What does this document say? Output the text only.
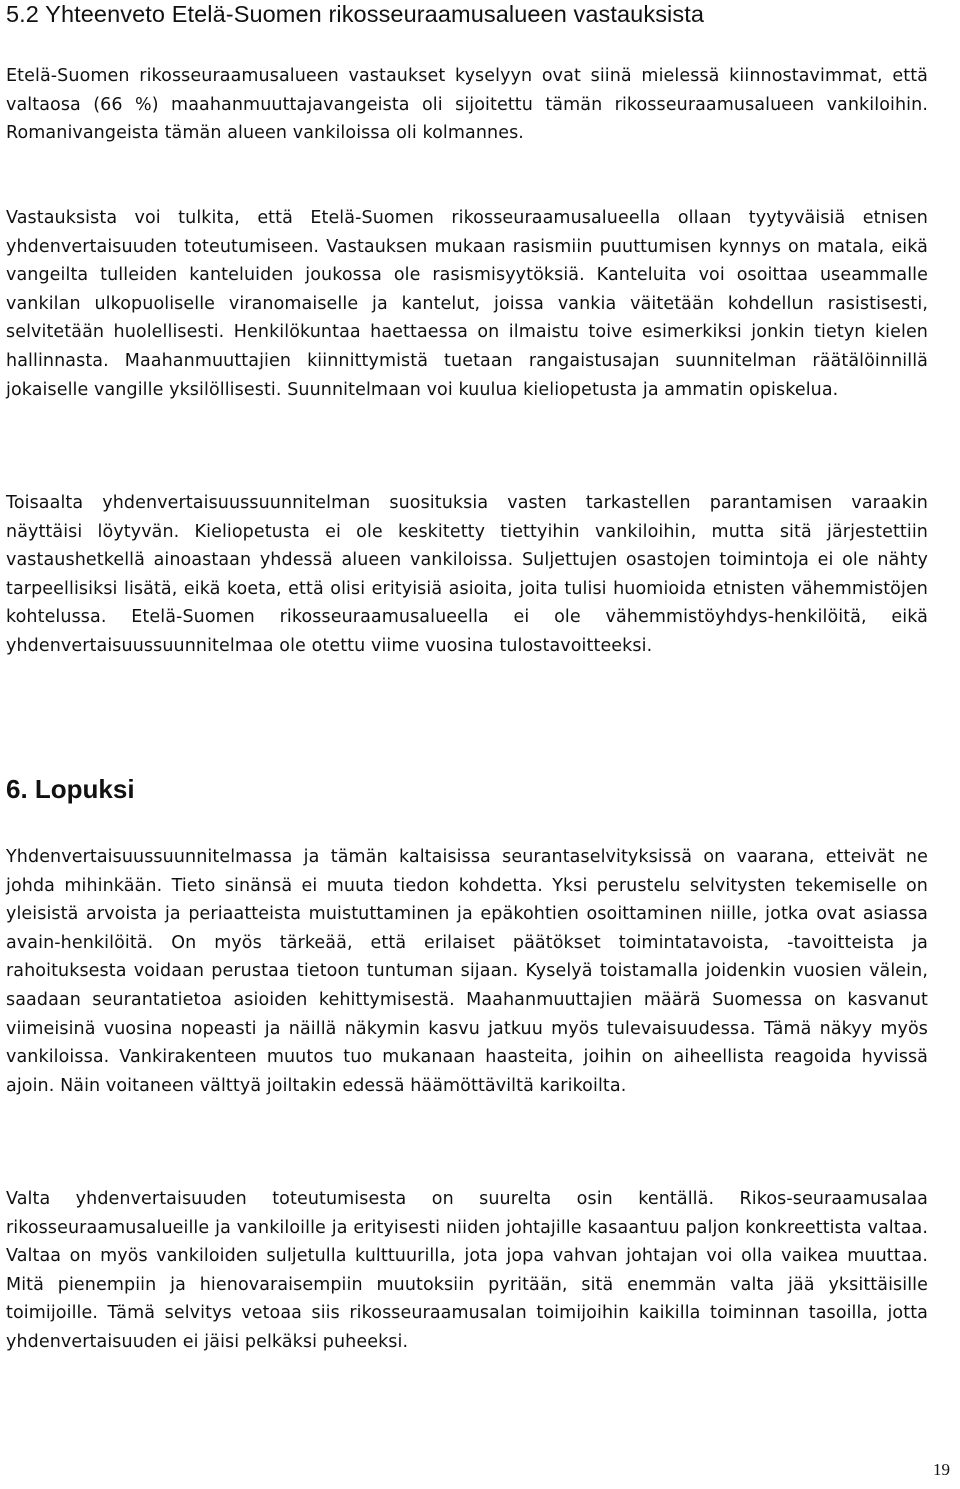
5.2 Yhteenveto Etelä-Suomen rikosseuraamusalueen vastauksista

Etelä-Suomen rikosseuraamusalueen vastaukset kyselyyn ovat siinä mielessä kiinnostavimmat, että valtaosa (66 %) maahanmuuttajavangeista oli sijoitettu tämän rikosseuraamusalueen vankiloihin. Romanivangeista tämän alueen vankiloissa oli kolmannes.

Vastauksista voi tulkita, että Etelä-Suomen rikosseuraamusalueella ollaan tyytyväisiä etnisen yhdenvertaisuuden toteutumiseen. Vastauksen mukaan rasismiin puuttumisen kynnys on matala, eikä vangeilta tulleiden kanteluiden joukossa ole rasismisyytöksiä. Kanteluita voi osoittaa useammalle vankilan ulkopuoliselle viranomaiselle ja kantelut, joissa vankia väitetään kohdellun rasistisesti, selvitetään huolellisesti. Henkilökuntaa haettaessa on ilmaistu toive esimerkiksi jonkin tietyn kielen hallinnasta. Maahanmuuttajien kiinnittymistä tuetaan rangaistusajan suunnitelman räätälöinnillä jokaiselle vangille yksilöllisesti. Suunnitelmaan voi kuulua kieliopetusta ja ammatin opiskelua.

Toisaalta yhdenvertaisuussuunnitelman suosituksia vasten tarkastellen parantamisen varaakin näyttäisi löytyvän. Kieliopetusta ei ole keskitetty tiettyihin vankiloihin, mutta sitä järjestettiin vastaushetkellä ainoastaan yhdessä alueen vankiloissa. Suljettujen osastojen toimintoja ei ole nähty tarpeellisiksi lisätä, eikä koeta, että olisi erityisiä asioita, joita tulisi huomioida etnisten vähemmistöjen kohtelussa. Etelä-Suomen rikosseuraamusalueella ei ole vähemmistöyhdys-henkilöitä, eikä yhdenvertaisuussuunnitelmaa ole otettu viime vuosina tulostavoitteeksi.

6. Lopuksi

Yhdenvertaisuussuunnitelmassa ja tämän kaltaisissa seurantaselvityksissä on vaarana, etteivät ne johda mihinkään. Tieto sinänsä ei muuta tiedon kohdetta. Yksi perustelu selvitysten tekemiselle on yleisistä arvoista ja periaatteista muistuttaminen ja epäkohtien osoittaminen niille, jotka ovat asiassa avain-henkilöitä. On myös tärkeää, että erilaiset päätökset toimintatavoista, -tavoitteista ja rahoituksesta voidaan perustaa tietoon tuntuman sijaan. Kyselyä toistamalla joidenkin vuosien välein, saadaan seurantatietoa asioiden kehittymisestä. Maahanmuuttajien määrä Suomessa on kasvanut viimeisinä vuosina nopeasti ja näillä näkymin kasvu jatkuu myös tulevaisuudessa. Tämä näkyy myös vankiloissa. Vankirakenteen muutos tuo mukanaan haasteita, joihin on aiheellista reagoida hyvissä ajoin. Näin voitaneen välttyä joiltakin edessä häämöttäviltä karikoilta.

Valta yhdenvertaisuuden toteutumisesta on suurelta osin kentällä. Rikos-seuraamusalaa rikosseuraamusalueille ja vankiloille ja erityisesti niiden johtajille kasaantuu paljon konkreettista valtaa. Valtaa on myös vankiloiden suljetulla kulttuurilla, jota jopa vahvan johtajan voi olla vaikea muuttaa. Mitä pienempiin ja hienovaraisempiin muutoksiin pyritään, sitä enemmän valta jää yksittäisille toimijoille. Tämä selvitys vetoaa siis rikosseuraamusalan toimijoihin kaikilla toiminnan tasoilla, jotta yhdenvertaisuuden ei jäisi pelkäksi puheeksi.

19
